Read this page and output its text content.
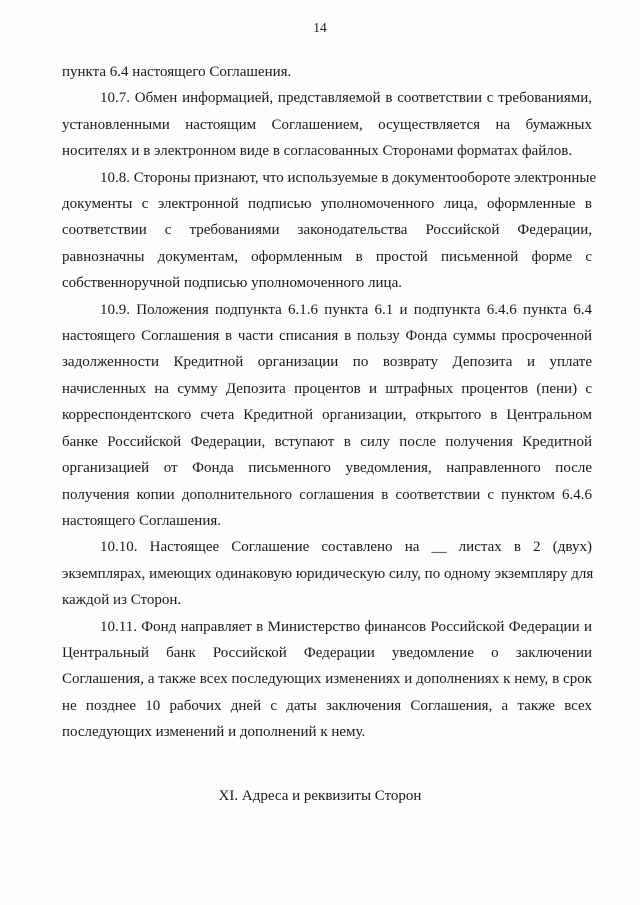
14
пункта 6.4 настоящего Соглашения.
10.7. Обмен информацией, представляемой в соответствии с требованиями,
установленными настоящим Соглашением, осуществляется на бумажных
носителях и в электронном виде в согласованных Сторонами форматах файлов.
10.8. Стороны признают, что используемые в документообороте электронные
документы с электронной подписью уполномоченного лица, оформленные в
соответствии с требованиями законодательства Российской Федерации,
равнозначны документам, оформленным в простой письменной форме с
собственноручной подписью уполномоченного лица.
10.9. Положения подпункта 6.1.6 пункта 6.1 и подпункта 6.4.6 пункта 6.4
настоящего Соглашения в части списания в пользу Фонда суммы просроченной
задолженности Кредитной организации по возврату Депозита и уплате
начисленных на сумму Депозита процентов и штрафных процентов (пени) с
корреспондентского счета Кредитной организации, открытого в Центральном
банке Российской Федерации, вступают в силу после получения Кредитной
организацией от Фонда письменного уведомления, направленного после
получения копии дополнительного соглашения в соответствии с пунктом 6.4.6
настоящего Соглашения.
10.10. Настоящее Соглашение составлено на __ листах в 2 (двух)
экземплярах, имеющих одинаковую юридическую силу, по одному экземпляру для
каждой из Сторон.
10.11. Фонд направляет в Министерство финансов Российской Федерации и
Центральный банк Российской Федерации уведомление о заключении
Соглашения, а также всех последующих изменениях и дополнениях к нему, в срок
не позднее 10 рабочих дней с даты заключения Соглашения, а также всех
последующих изменений и дополнений к нему.
XI. Адреса и реквизиты Сторон
